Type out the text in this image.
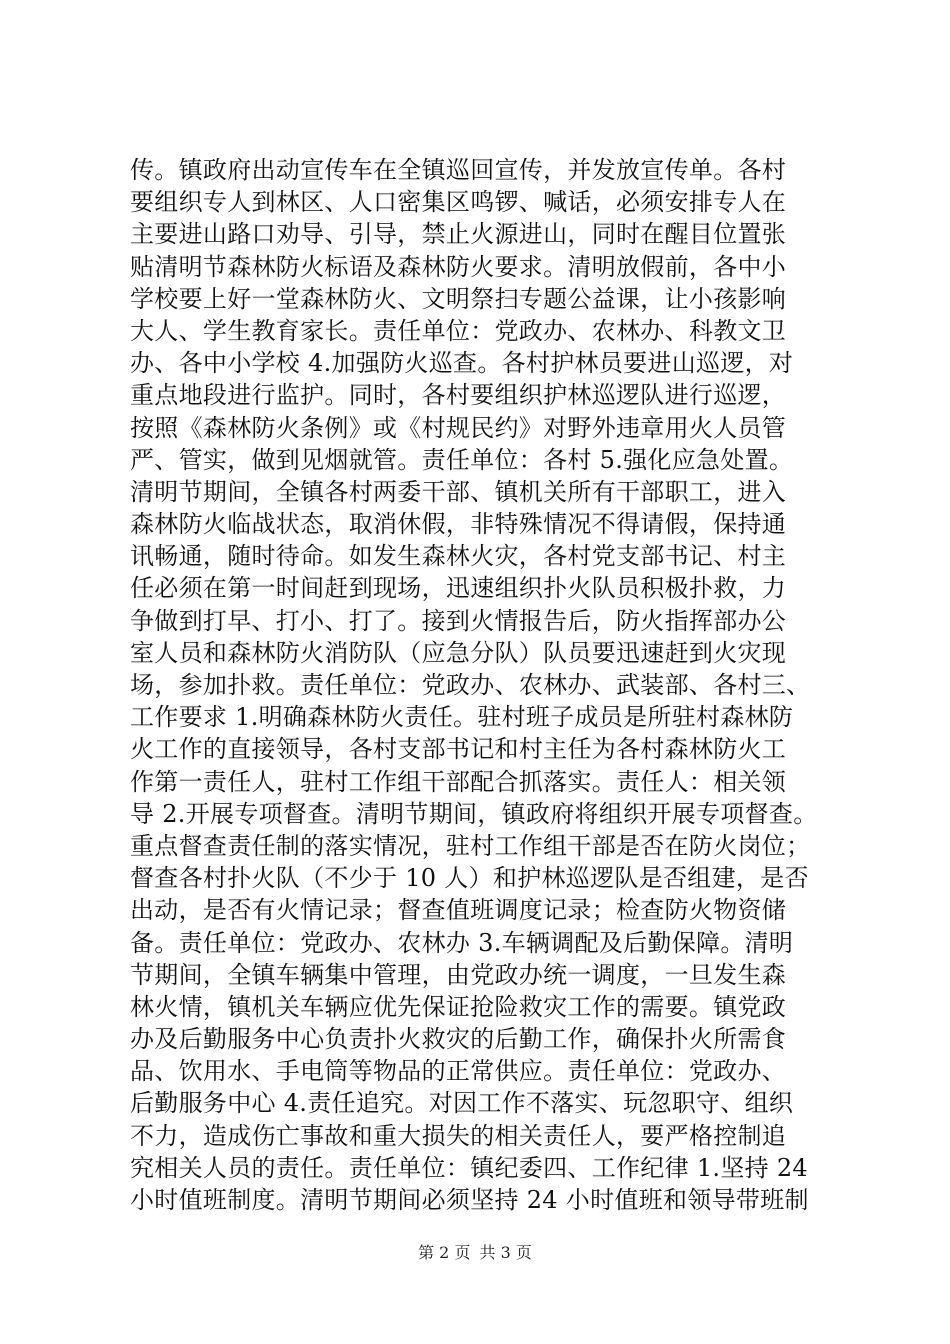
传。镇政府出动宣传车在全镇巡回宣传，并发放宣传单。各村
要组织专人到林区、人口密集区鸣锣、喊话，必须安排专人在
主要进山路口劝导、引导，禁止火源进山，同时在醒目位置张
贴清明节森林防火标语及森林防火要求。清明放假前，各中小
学校要上好一堂森林防火、文明祭扫专题公益课，让小孩影响
大人、学生教育家长。责任单位：党政办、农林办、科教文卫
办、各中小学校 4.加强防火巡查。各村护林员要进山巡逻，对
重点地段进行监护。同时，各村要组织护林巡逻队进行巡逻，
按照《森林防火条例》或《村规民约》对野外违章用火人员管
严、管实，做到见烟就管。责任单位：各村 5.强化应急处置。
清明节期间，全镇各村两委干部、镇机关所有干部职工，进入
森林防火临战状态，取消休假，非特殊情况不得请假，保持通
讯畅通，随时待命。如发生森林火灾，各村党支部书记、村主
任必须在第一时间赶到现场，迅速组织扑火队员积极扑救，力
争做到打早、打小、打了。接到火情报告后，防火指挥部办公
室人员和森林防火消防队（应急分队）队员要迅速赶到火灾现
场，参加扑救。责任单位：党政办、农林办、武装部、各村三、
工作要求 1.明确森林防火责任。驻村班子成员是所驻村森林防
火工作的直接领导，各村支部书记和村主任为各村森林防火工
作第一责任人，驻村工作组干部配合抓落实。责任人：相关领
导 2.开展专项督查。清明节期间，镇政府将组织开展专项督查。
重点督查责任制的落实情况，驻村工作组干部是否在防火岗位；
督查各村扑火队（不少于 10 人）和护林巡逻队是否组建，是否
出动，是否有火情记录；督查值班调度记录；检查防火物资储
备。责任单位：党政办、农林办 3.车辆调配及后勤保障。清明
节期间，全镇车辆集中管理，由党政办统一调度，一旦发生森
林火情，镇机关车辆应优先保证抢险救灾工作的需要。镇党政
办及后勤服务中心负责扑火救灾的后勤工作，确保扑火所需食
品、饮用水、手电筒等物品的正常供应。责任单位：党政办、
后勤服务中心 4.责任追究。对因工作不落实、玩忽职守、组织
不力，造成伤亡事故和重大损失的相关责任人，要严格控制追
究相关人员的责任。责任单位：镇纪委四、工作纪律 1.坚持 24
小时值班制度。清明节期间必须坚持 24 小时值班和领导带班制
第 2 页 共 3 页
